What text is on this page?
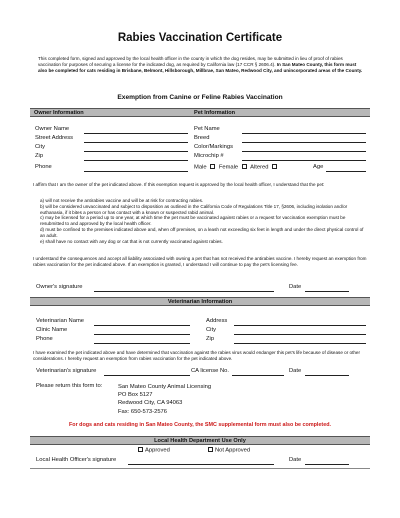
Rabies Vaccination Certificate
This completed form, signed and approved by the local health officer in the county in which the dog resides, may be submitted in lieu of proof of rabies vaccination for purposes of securing a license for the indicated dog, as required by California law (17 CCR § 2606.4). In San Mateo County, this form must also be completed for cats residing in Brisbane, Belmont, Hillsborough, Millbrae, San Mateo, Redwood City, and unincorporated areas of the County.
Exemption from Canine or Feline Rabies Vaccination
Owner Information	Pet Information
Owner Name
Street Address
City
Zip
Phone
Pet Name
Breed
Color/Markings
Microchip #
Male Female Altered	Age
I affirm that I am the owner of the pet indicated above. If this exemption request is approved by the local health officer, I understand that the pet:
a) will not receive the antirabies vaccine and will be at risk for contracting rabies.
b) will be considered unvaccinated and subject to disposition as outlined in the California Code of Regulations Title 17, §2606, including isolation and/or euthanasia, if it bites a person or has contact with a known or suspected rabid animal.
c) may be licensed for a period up to one year, at which time the pet must be vaccinated against rabies or a request for vaccination exemption must be resubmitted to and approved by the local health officer.
d) must be confined to the premises indicated above and, when off premises, on a leash not exceeding six feet in length and under the direct physical control of an adult.
e) shall have no contact with any dog or cat that is not currently vaccinated against rabies.
I understand the consequences and accept all liability associated with owning a pet that has not received the antirabies vaccine. I hereby request an exemption from rabies vaccination for the pet indicated above. If an exemption is granted, I understand I will continue to pay the pet's licensing fee.
Owner's signature	Date
Veterinarian Information
Veterinarian Name
Clinic Name
Phone
Address
City
Zip
I have examined the pet indicated above and have determined that vaccination against the rabies virus would endanger this pet's life because of disease or other considerations. I hereby request an exemption from rabies vaccination for the pet indicated above.
Veterinarian's signature	CA license No.	Date
Please return this form to:	San Mateo County Animal Licensing
PO Box 5127
Redwood City, CA 94063
Fax: 650-573-2576
For dogs and cats residing in San Mateo County, the SMC supplemental form must also be completed.
Local Health Department Use Only
Approved	Not Approved
Local Health Officer's signature	Date
